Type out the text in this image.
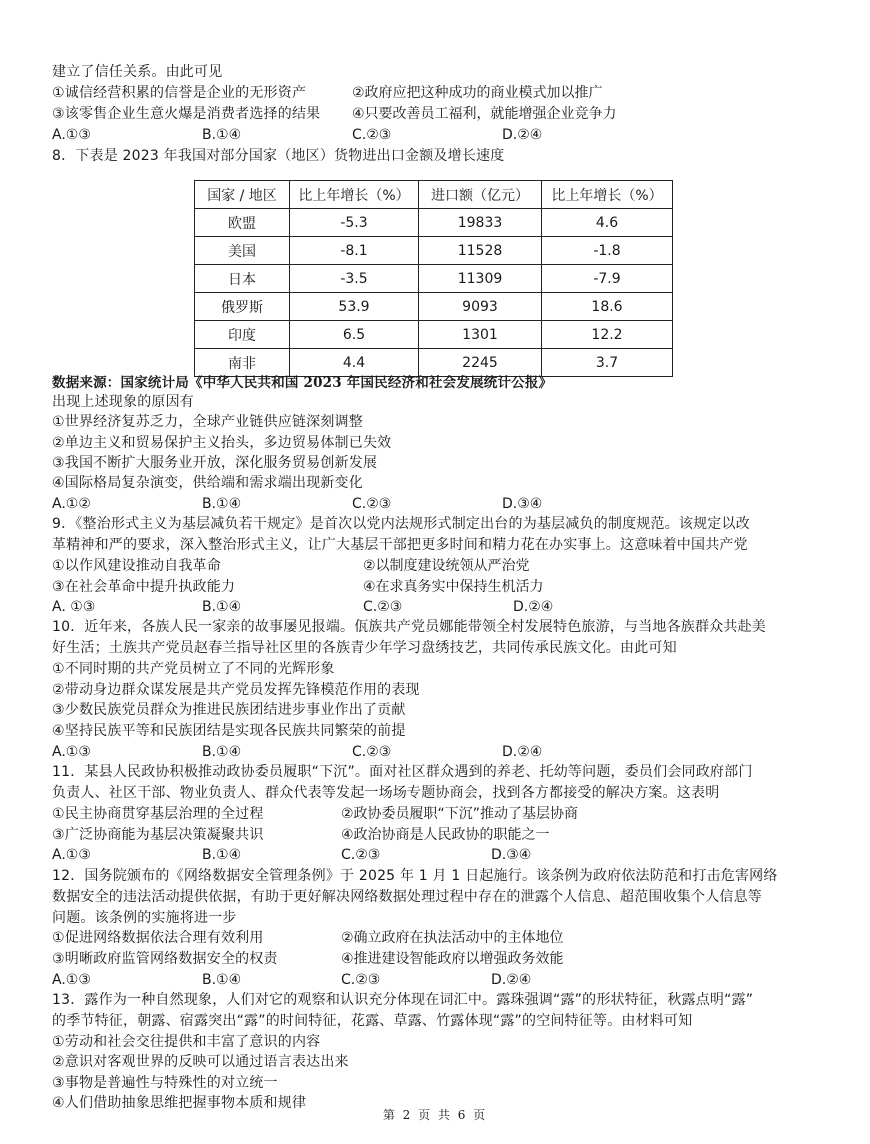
建立了信任关系。由此可见
①诚信经营积累的信誉是企业的无形资产	②政府应把这种成功的商业模式加以推广
③该零售企业生意火爆是消费者选择的结果 ④只要改善员工福利，就能增强企业竞争力
A.①③	B.①④	C.②③	D.②④
8．下表是 2023 年我国对部分国家（地区）货物进出口金额及增长速度
国家 / 地区	比上年增长（%）	进口额（亿元）	比上年增长（%）
欧盟	-5.3	19833	4.6
美国	-8.1	11528	-1.8
日本	-3.5	11309	-7.9
俄罗斯	53.9	9093	18.6
印度	6.5	1301	12.2
南非	4.4	2245	3.7
数据来源：国家统计局《中华人民共和国 2023 年国民经济和社会发展统计公报》
出现上述现象的原因有
①世界经济复苏乏力，全球产业链供应链深刻调整
②单边主义和贸易保护主义抬头，多边贸易体制已失效
③我国不断扩大服务业开放，深化服务贸易创新发展
④国际格局复杂演变，供给端和需求端出现新变化
A.①②	B.①④	C.②③	D.③④
9．《整治形式主义为基层减负若干规定》是首次以党内法规形式制定出台的为基层减负的制度规范。该规定以改
革精神和严的要求，深入整治形式主义，让广大基层干部把更多时间和精力花在办实事上。这意味着中国共产党
①以作风建设推动自我革命	②以制度建设统领从严治党
③在社会革命中提升执政能力	④在求真务实中保持生机活力
A. ①③	B.①④	C.②③	D.②④
10．近年来，各族人民一家亲的故事屡见报端。佤族共产党员娜能带领全村发展特色旅游，与当地各族群众共赴美
好生活；土族共产党员赵春兰指导社区里的各族青少年学习盘绣技艺，共同传承民族文化。由此可知
①不同时期的共产党员树立了不同的光辉形象
②带动身边群众谋发展是共产党员发挥先锋模范作用的表现
③少数民族党员群众为推进民族团结进步事业作出了贡献
④坚持民族平等和民族团结是实现各民族共同繁荣的前提
A.①③	B.①④	C.②③	D.②④
11．某县人民政协积极推动政协委员履职“下沉”。面对社区群众遇到的养老、托幼等问题，委员们会同政府部门
负责人、社区干部、物业负责人、群众代表等发起一场场专题协商会，找到各方都接受的解决方案。这表明
①民主协商贯穿基层治理的全过程	②政协委员履职“下沉”推动了基层协商
③广泛协商能为基层决策凝聚共识	④政治协商是人民政协的职能之一
A.①③	B.①④	C.②③	D.③④
12．国务院颁布的《网络数据安全管理条例》于 2025 年 1 月 1 日起施行。该条例为政府依法防范和打击危害网络
数据安全的违法活动提供依据，有助于更好解决网络数据处理过程中存在的泄露个人信息、超范围收集个人信息等
问题。该条例的实施将进一步
①促进网络数据依法合理有效利用	②确立政府在执法活动中的主体地位
③明晰政府监管网络数据安全的权责	④推进建设智能政府以增强政务效能
A.①③	B.①④	C.②③	D.②④
13．露作为一种自然现象，人们对它的观察和认识充分体现在词汇中。露珠强调“露”的形状特征，秋露点明“露”
的季节特征，朝露、宿露突出“露”的时间特征，花露、草露、竹露体现“露”的空间特征等。由材料可知
①劳动和社会交往提供和丰富了意识的内容
②意识对客观世界的反映可以通过语言表达出来
③事物是普遍性与特殊性的对立统一
④人们借助抽象思维把握事物本质和规律
第 2 页 共 6 页
